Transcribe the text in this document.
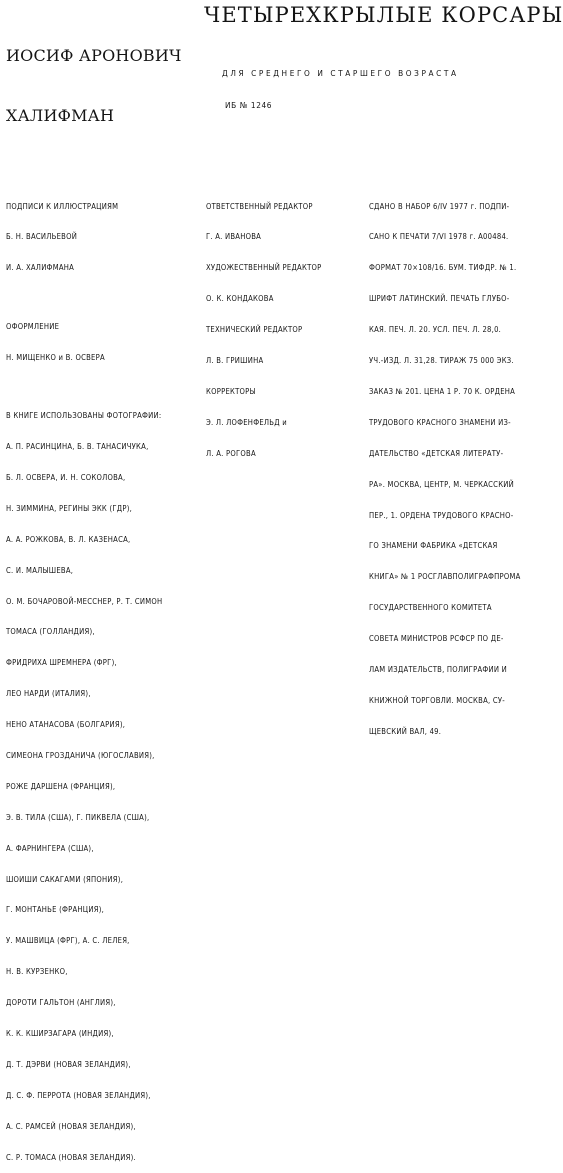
ИОСИФ АРОНОВИЧ

ХАЛИФМАН

ЧЕТЫРЕХКРЫЛЫЕ КОРСАРЫ
ДЛЯ СРЕДНЕГО И СТАРШЕГО ВОЗРАСТА
ИБ № 1246

ПОДПИСИ К ИЛЛЮСТРАЦИЯМ

Б. Н. ВАСИЛЬЕВОЙ

И. А. ХАЛИФМАНА

ОФОРМЛЕНИЕ

Н. МИЩЕНКО и В. ОСВЕРА

В КНИГЕ ИСПОЛЬЗОВАНЫ ФОТОГРАФИИ:

А. П. РАСИНЦИНА, Б. В. ТАНАСИЧУКА,

Б. Л. ОСВЕРА, И. Н. СОКОЛОВА,

Н. ЗИММИНА, РЕГИНЫ ЭКК (ГДР),

А. А. РОЖКОВА, В. Л. КАЗЕНАСА,

С. И. МАЛЫШЕВА,

О. М. БОЧАРОВОЙ-МЕССНЕР, Р. Т. СИМОН

ТОМАСА (ГОЛЛАНДИЯ),

ФРИДРИХА ШРЕМНЕРА (ФРГ),

ЛЕО НАРДИ (ИТАЛИЯ),

НЕНО АТАНАСОВА (БОЛГАРИЯ),

СИМЕОНА ГРОЗДАНИЧА (ЮГОСЛАВИЯ),

РОЖЕ ДАРШЕНА (ФРАНЦИЯ),

Э. В. ТИЛА (США), Г. ПИКВЕЛА (США),

А. ФАРНИНГЕРА (США),

ШОИШИ САКАГАМИ (ЯПОНИЯ),

Г. МОНТАНЬЕ (ФРАНЦИЯ),

У. МАШВИЦА (ФРГ), А. С. ЛЕЛЕЯ,

Н. В. КУРЗЕНКО,

ДОРОТИ ГАЛЬТОН (АНГЛИЯ),

К. К. КШИРЗАГАРА (ИНДИЯ),

Д. Т. ДЭРВИ (НОВАЯ ЗЕЛАНДИЯ),

Д. С. Ф. ПЕРРОТА (НОВАЯ ЗЕЛАНДИЯ),

А. С. РАМСЕЙ (НОВАЯ ЗЕЛАНДИЯ),

С. Р. ТОМАСА (НОВАЯ ЗЕЛАНДИЯ).

ОТВЕТСТВЕННЫЙ РЕДАКТОР

Г. А. ИВАНОВА

ХУДОЖЕСТВЕННЫЙ РЕДАКТОР

О. К. КОНДАКОВА

ТЕХНИЧЕСКИЙ РЕДАКТОР

Л. В. ГРИШИНА

КОРРЕКТОРЫ

Э. Л. ЛОФЕНФЕЛЬД и

Л. А. РОГОВА

СДАНО В НАБОР 6/IV 1977 г. ПОДПИ-

САНО К ПЕЧАТИ 7/VI 1978 г. А00484.

ФОРМАТ 70×108/16. БУМ. ТИФДР. № 1.

ШРИФТ ЛАТИНСКИЙ. ПЕЧАТЬ ГЛУБО-

КАЯ. ПЕЧ. Л. 20. УСЛ. ПЕЧ. Л. 28,0.

УЧ.-ИЗД. Л. 31,28. ТИРАЖ 75 000 ЭКЗ.

ЗАКАЗ № 201. ЦЕНА 1 Р. 70 К. ОРДЕНА

ТРУДОВОГО КРАСНОГО ЗНАМЕНИ ИЗ-

ДАТЕЛЬСТВО «ДЕТСКАЯ ЛИТЕРАТУ-

РА». МОСКВА, ЦЕНТР, М. ЧЕРКАССКИЙ

ПЕР., 1. ОРДЕНА ТРУДОВОГО КРАСНО-

ГО ЗНАМЕНИ ФАБРИКА «ДЕТСКАЯ

КНИГА» № 1 РОСГЛАВПОЛИГРАФПРОМА

ГОСУДАРСТВЕННОГО КОМИТЕТА

СОВЕТА МИНИСТРОВ РСФСР ПО ДЕ-

ЛАМ ИЗДАТЕЛЬСТВ, ПОЛИГРАФИИ И

КНИЖНОЙ ТОРГОВЛИ. МОСКВА, СУ-

ЩЕВСКИЙ ВАЛ, 49.
